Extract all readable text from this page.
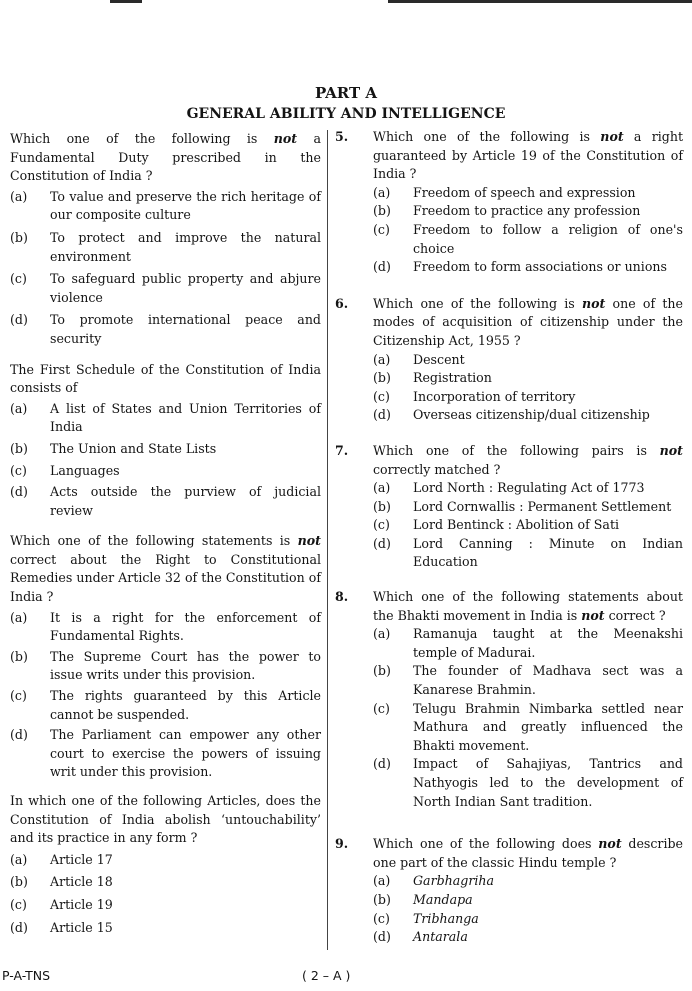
PART A
GENERAL ABILITY AND INTELLIGENCE
Which one of the following is not a Fundamental Duty prescribed in the Constitution of India ?
(a)	To value and preserve the rich heritage of our composite culture
(b)	To protect and improve the natural environment
(c)	To safeguard public property and abjure violence
(d)	To promote international peace and security
The First Schedule of the Constitution of India consists of
(a)	A list of States and Union Territories of India
(b)	The Union and State Lists
(c)	Languages
(d)	Acts outside the purview of judicial review
Which one of the following statements is not correct about the Right to Constitutional Remedies under Article 32 of the Constitution of India ?
(a)	It is a right for the enforcement of Fundamental Rights.
(b)	The Supreme Court has the power to issue writs under this provision.
(c)	The rights guaranteed by this Article cannot be suspended.
(d)	The Parliament can empower any other court to exercise the powers of issuing writ under this provision.
In which one of the following Articles, does the Constitution of India abolish ‘untouchability’ and its practice in any form ?
(a)	Article 17
(b)	Article 18
(c)	Article 19
(d)	Article 15
5. Which one of the following is not a right guaranteed by Article 19 of the Constitution of India ?
(a)	Freedom of speech and expression
(b)	Freedom to practice any profession
(c)	Freedom to follow a religion of one's choice
(d)	Freedom to form associations or unions
6. Which one of the following is not one of the modes of acquisition of citizenship under the Citizenship Act, 1955 ?
(a)	Descent
(b)	Registration
(c)	Incorporation of territory
(d)	Overseas citizenship/dual citizenship
7. Which one of the following pairs is not correctly matched ?
(a)	Lord North : Regulating Act of 1773
(b)	Lord Cornwallis : Permanent Settlement
(c)	Lord Bentinck : Abolition of Sati
(d)	Lord Canning : Minute on Indian Education
8. Which one of the following statements about the Bhakti movement in India is not correct ?
(a)	Ramanuja taught at the Meenakshi temple of Madurai.
(b)	The founder of Madhava sect was a Kanarese Brahmin.
(c)	Telugu Brahmin Nimbarka settled near Mathura and greatly influenced the Bhakti movement.
(d)	Impact of Sahajiyas, Tantrics and Nathyogis led to the development of North Indian Sant tradition.
9. Which one of the following does not describe one part of the classic Hindu temple ?
(a)	Garbhagriha
(b)	Mandapa
(c)	Tribhanga
(d)	Antarala
P-A-TNS	( 2 – A )
